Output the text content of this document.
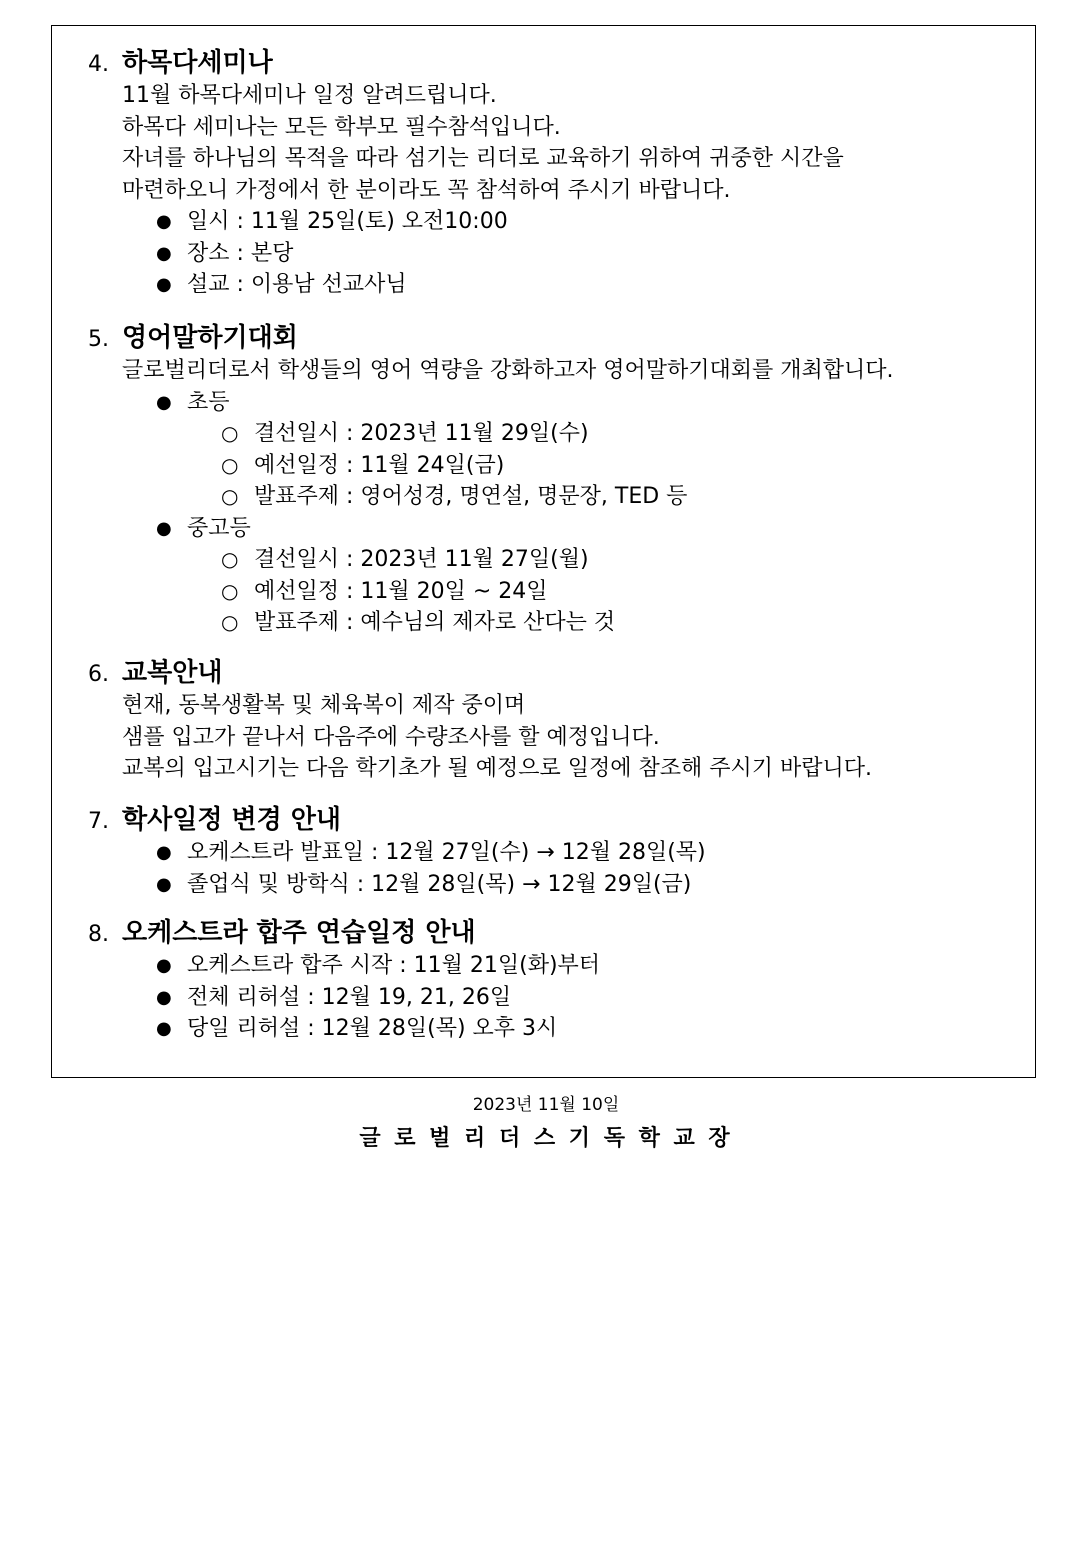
4. 하목다세미나
11월 하목다세미나 일정 알려드립니다.
하목다 세미나는 모든 학부모 필수참석입니다.
자녀를 하나님의 목적을 따라 섬기는 리더로 교육하기 위하여 귀중한 시간을
마련하오니 가정에서 한 분이라도 꼭 참석하여 주시기 바랍니다.
● 일시 : 11월 25일(토) 오전10:00
● 장소 : 본당
● 설교 : 이용남 선교사님
5. 영어말하기대회
글로벌리더로서 학생들의 영어 역량을 강화하고자 영어말하기대회를 개최합니다.
● 초등
○ 결선일시 : 2023년 11월 29일(수)
○ 예선일정 : 11월 24일(금)
○ 발표주제 : 영어성경, 명연설, 명문장, TED 등
● 중고등
○ 결선일시 : 2023년 11월 27일(월)
○ 예선일정 : 11월 20일 ~ 24일
○ 발표주제 : 예수님의 제자로 산다는 것
6. 교복안내
현재, 동복생활복 및 체육복이 제작 중이며
샘플 입고가 끝나서 다음주에 수량조사를 할 예정입니다.
교복의 입고시기는 다음 학기초가 될 예정으로 일정에 참조해 주시기 바랍니다.
7. 학사일정 변경 안내
● 오케스트라 발표일 : 12월 27일(수) → 12월 28일(목)
● 졸업식 및 방학식 : 12월 28일(목) → 12월 29일(금)
8. 오케스트라 합주 연습일정 안내
● 오케스트라 합주 시작 : 11월 21일(화)부터
● 전체 리허설 : 12월 19, 21, 26일
● 당일 리허설 : 12월 28일(목) 오후 3시
2023년 11월 10일
글 로 벌 리 더 스 기 독 학 교 장
